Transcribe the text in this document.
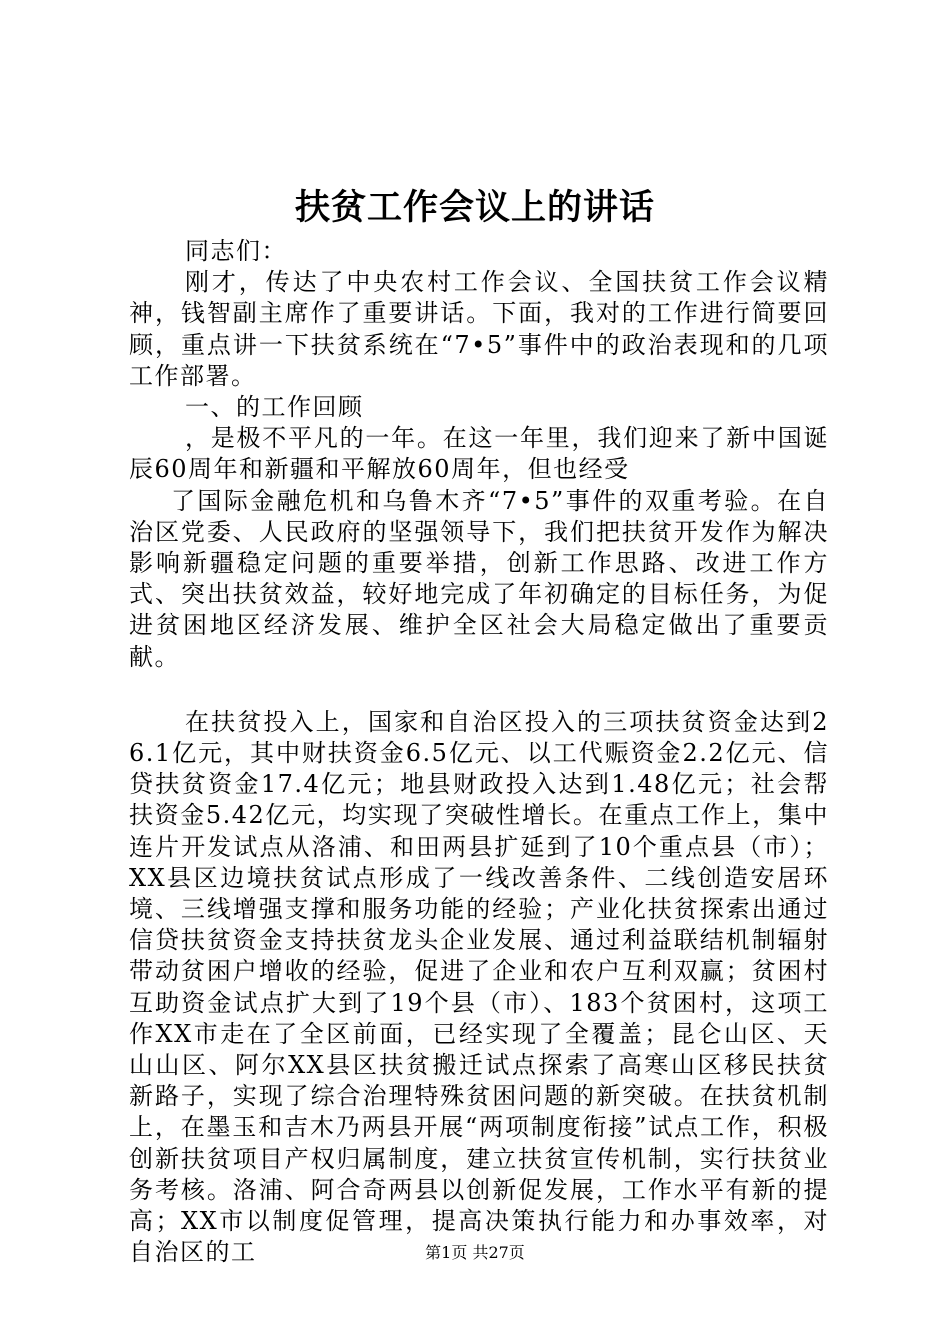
扶贫工作会议上的讲话

同志们：

刚才，传达了中央农村工作会议、全国扶贫工作会议精神，钱智副主席作了重要讲话。下面，我对的工作进行简要回顾，重点讲一下扶贫系统在“7•5”事件中的政治表现和的几项工作部署。

一、的工作回顾

，是极不平凡的一年。在这一年里，我们迎来了新中国诞辰60周年和新疆和平解放60周年，但也经受

了国际金融危机和乌鲁木齐“7•5”事件的双重考验。在自治区党委、人民政府的坚强领导下，我们把扶贫开发作为解决影响新疆稳定问题的重要举措，创新工作思路、改进工作方式、突出扶贫效益，较好地完成了年初确定的目标任务，为促进贫困地区经济发展、维护全区社会大局稳定做出了重要贡献。

在扶贫投入上，国家和自治区投入的三项扶贫资金达到26.1亿元，其中财扶资金6.5亿元、以工代赈资金2.2亿元、信贷扶贫资金17.4亿元；地县财政投入达到1.48亿元；社会帮扶资金5.42亿元，均实现了突破性增长。在重点工作上，集中连片开发试点从洛浦、和田两县扩延到了10个重点县（市）；XX县区边境扶贫试点形成了一线改善条件、二线创造安居环境、三线增强支撑和服务功能的经验；产业化扶贫探索出通过信贷扶贫资金支持扶贫龙头企业发展、通过利益联结机制辐射带动贫困户增收的经验，促进了企业和农户互利双赢；贫困村互助资金试点扩大到了19个县（市）、183个贫困村，这项工作XX市走在了全区前面，已经实现了全覆盖；昆仑山区、天山山区、阿尔XX县区扶贫搬迁试点探索了高寒山区移民扶贫新路子，实现了综合治理特殊贫困问题的新突破。在扶贫机制上，在墨玉和吉木乃两县开展“两项制度衔接”试点工作，积极创新扶贫项目产权归属制度，建立扶贫宣传机制，实行扶贫业务考核。洛浦、阿合奇两县以创新促发展，工作水平有新的提高；XX市以制度促管理，提高决策执行能力和办事效率，对自治区的工	第1页 共27页
